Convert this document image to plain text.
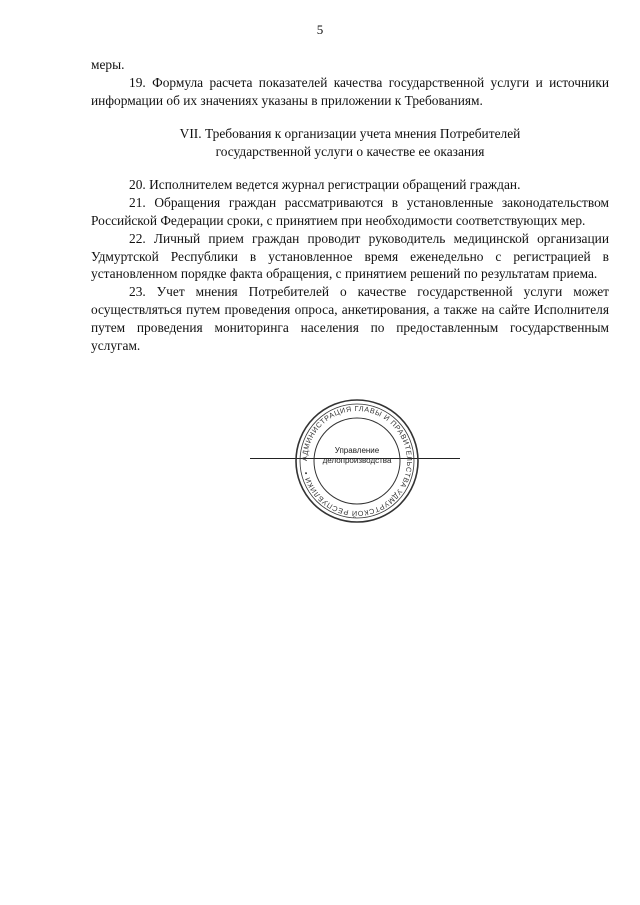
5

меры.

19. Формула расчета показателей качества государственной услуги и источники информации об их значениях указаны в приложении к Требованиям.

VII. Требования к организации учета мнения Потребителей
государственной услуги о качестве ее оказания

20. Исполнителем ведется журнал регистрации обращений граждан.

21. Обращения граждан рассматриваются в установленные законодательством Российской Федерации сроки, с принятием при необходимости соответствующих мер.

22. Личный прием граждан проводит руководитель медицинской организации Удмуртской Республики в установленное время еженедельно с регистрацией в установленном порядке факта обращения, с принятием решений по результатам приема.

23. Учет мнения Потребителей о качестве государственной услуги может осуществляться путем проведения опроса, анкетирования, а также на сайте Исполнителя путем проведения мониторинга населения по предоставленным государственным услугам.

АДМИНИСТРАЦИЯ ГЛАВЫ И ПРАВИТЕЛЬСТВА УДМУРТСКОЙ РЕСПУБЛИКИ •
Управление
делопроизводства
